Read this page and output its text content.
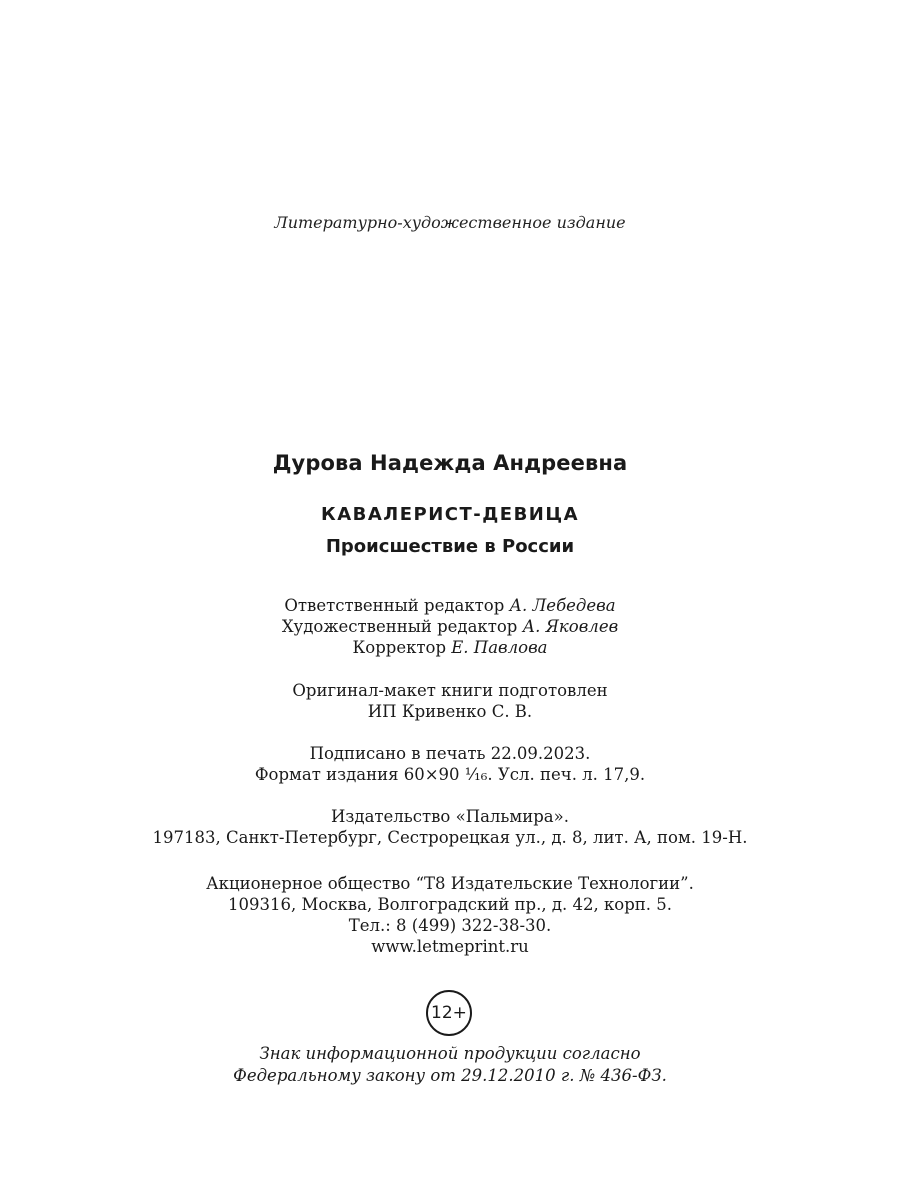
Литературно-художественное издание
Дурова Надежда Андреевна
КАВАЛЕРИСТ-ДЕВИЦА
Происшествие в России
Ответственный редактор А. Лебедева
Художественный редактор А. Яковлев
Корректор Е. Павлова
Оригинал-макет книги подготовлен
ИП Кривенко С. В.
Подписано в печать 22.09.2023.
Формат издания 60×90 ¹⁄₁₆. Усл. печ. л. 17,9.
Издательство «Пальмира».
197183, Санкт-Петербург, Сестрорецкая ул., д. 8, лит. А, пом. 19-Н.
Акционерное общество “Т8 Издательские Технологии”.
109316, Москва, Волгоградский пр., д. 42, корп. 5.
Тел.: 8 (499) 322-38-30.
www.letmeprint.ru
12+
Знак информационной продукции согласно
Федеральному закону от 29.12.2010 г. № 436-ФЗ.
